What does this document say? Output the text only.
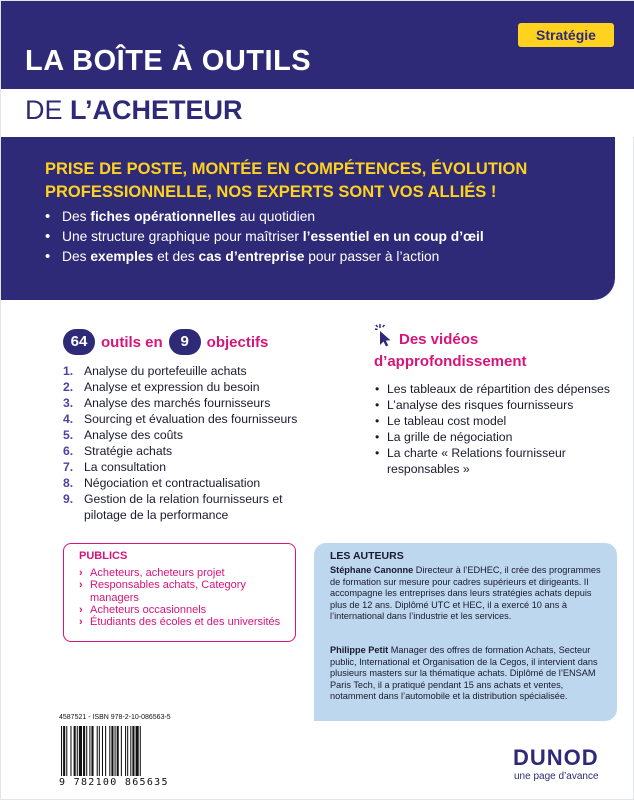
Stratégie
LA BOÎTE À OUTILS
DE L’ACHETEUR
PRISE DE POSTE, MONTÉE EN COMPÉTENCES, ÉVOLUTION PROFESSIONNELLE, NOS EXPERTS SONT VOS ALLIÉS !
• Des fiches opérationnelles au quotidien
• Une structure graphique pour maîtriser l’essentiel en un coup d’œil
• Des exemples et des cas d’entreprise pour passer à l’action
64 outils en	9	objectifs
1. Analyse du portefeuille achats
2. Analyse et expression du besoin
3. Analyse des marchés fournisseurs
4. Sourcing et évaluation des fournisseurs
5. Analyse des coûts
6. Stratégie achats
7. La consultation
8. Négociation et contractualisation
9. Gestion de la relation fournisseurs et pilotage de la performance
Des vidéos d’approfondissement
• Les tableaux de répartition des dépenses
• L’analyse des risques fournisseurs
• Le tableau cost model
• La grille de négociation
• La charte « Relations fournisseur responsables »
PUBLICS
› Acheteurs, acheteurs projet
› Responsables achats, Category managers
› Acheteurs occasionnels
› Étudiants des écoles et des universités
LES AUTEURS
Stéphane Canonne Directeur à l’EDHEC, il crée des programmes de formation sur mesure pour cadres supérieurs et dirigeants. Il accompagne les entreprises dans leurs stratégies achats depuis plus de 12 ans. Diplômé UTC et HEC, il a exercé 10 ans à l’international dans l’industrie et les services.
Philippe Petit Manager des offres de formation Achats, Secteur public, International et Organisation de la Cegos, il intervient dans plusieurs masters sur la thématique achats. Diplômé de l’ENSAM Paris Tech, il a pratiqué pendant 15 ans achats et ventes, notamment dans l’automobile et la distribution spécialisée.
4587521 - ISBN 978-2-10-086563-5
9 782100 865635
DUNOD
une page d’avance
